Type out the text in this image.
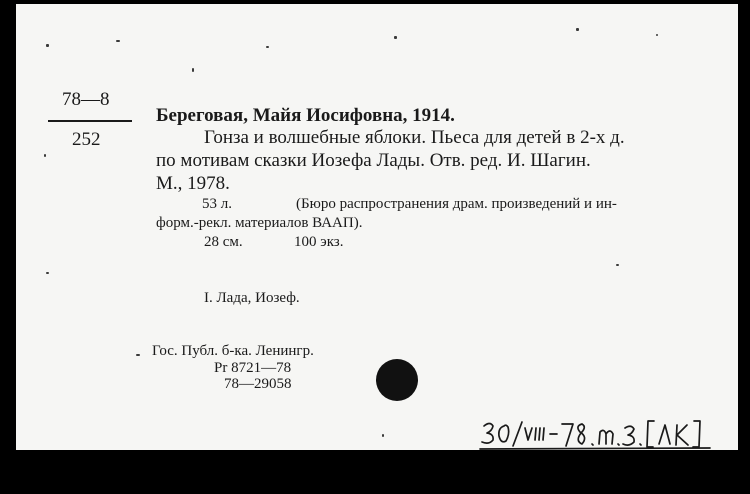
78—8
252
Береговая, Майя Иосифовна, 1914.
Гонза и волшебные яблоки. Пьеса для детей в 2-х д.
по мотивам сказки Иозефа Лады. Отв. ред. И. Шагин.
М., 1978.
53 л.	(Бюро распространения драм. произведений и ин-
форм.-рекл. материалов ВААП).
28 см.	100 экз.
I. Лада, Иозеф.
Гос. Публ. б-ка. Ленингр.
Pr 8721—78
78—29058
